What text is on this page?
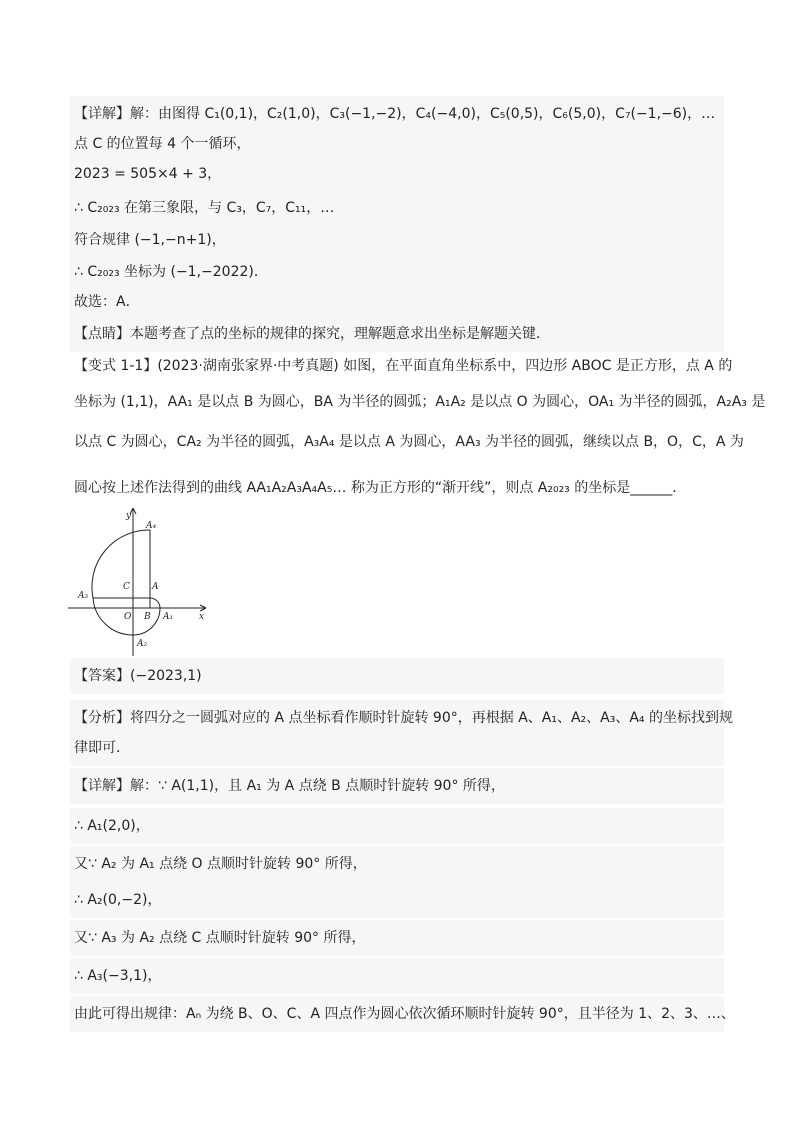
【详解】解：由图得 C₁(0,1)，C₂(1,0)，C₃(−1,−2)，C₄(−4,0)，C₅(0,5)，C₆(5,0)，C₇(−1,−6)，…
点 C 的位置每 4 个一循环，
2023 = 505×4 + 3，
∴ C₂₀₂₃ 在第三象限，与 C₃，C₇，C₁₁，…
符合规律 (−1,−n+1)，
∴ C₂₀₂₃ 坐标为 (−1,−2022)．
故选：A．
【点睛】本题考查了点的坐标的规律的探究，理解题意求出坐标是解题关键．
【变式 1-1】(2023·湖南张家界·中考真题) 如图，在平面直角坐标系中，四边形 ABOC 是正方形，点 A 的
坐标为 (1,1)，AA₁ 是以点 B 为圆心，BA 为半径的圆弧；A₁A₂ 是以点 O 为圆心，OA₁ 为半径的圆弧，A₂A₃ 是
以点 C 为圆心，CA₂ 为半径的圆弧，A₃A₄ 是以点 A 为圆心，AA₃ 为半径的圆弧，继续以点 B，O，C，A 为
圆心按上述作法得到的曲线 AA₁A₂A₃A₄A₅… 称为正方形的“渐开线”，则点 A₂₀₂₃ 的坐标是______．
y
x
A₄
C A
A₃
O B A₁
A₂
【答案】(−2023,1)
【分析】将四分之一圆弧对应的 A 点坐标看作顺时针旋转 90°，再根据 A、A₁、A₂、A₃、A₄ 的坐标找到规
律即可．
【详解】解：∵ A(1,1)，且 A₁ 为 A 点绕 B 点顺时针旋转 90° 所得，
∴ A₁(2,0)，
又∵ A₂ 为 A₁ 点绕 O 点顺时针旋转 90° 所得，
∴ A₂(0,−2)，
又∵ A₃ 为 A₂ 点绕 C 点顺时针旋转 90° 所得，
∴ A₃(−3,1)，
由此可得出规律：Aₙ 为绕 B、O、C、A 四点作为圆心依次循环顺时针旋转 90°，且半径为 1、2、3、…、
